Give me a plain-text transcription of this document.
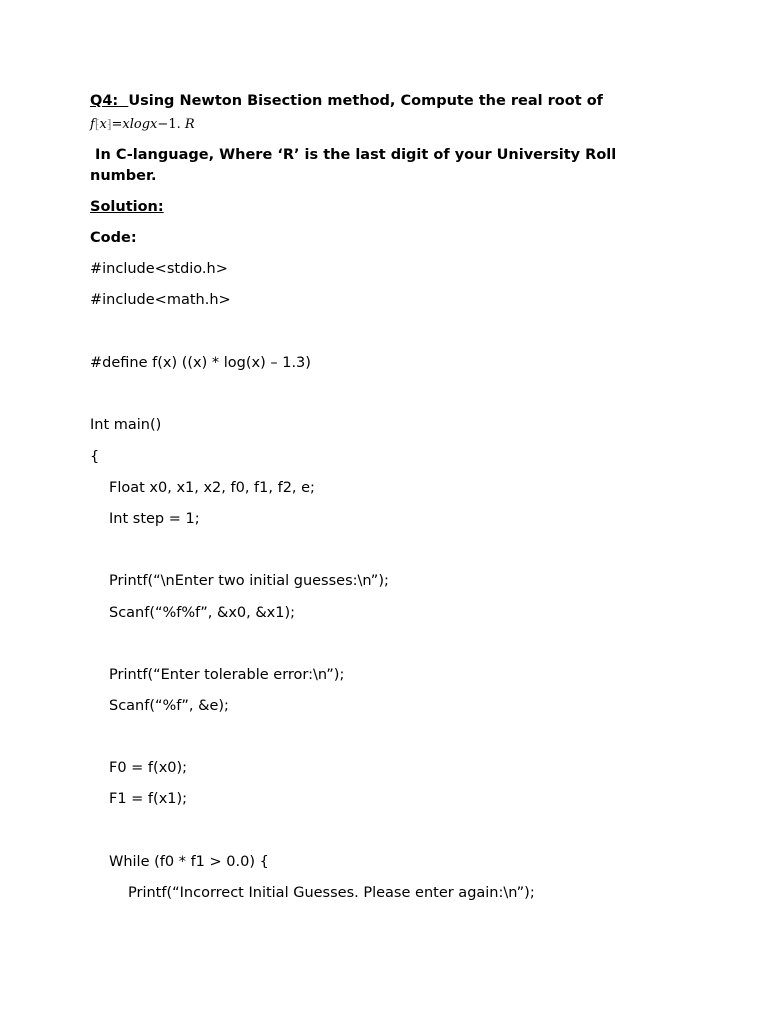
Q4: Using Newton Bisection method, Compute the real root of
f⁅x⁆=xlogx−1. R
In C-language, Where ‘R’ is the last digit of your University Roll
number.
Solution:
Code:
#include<stdio.h>
#include<math.h>
#define f(x) ((x) * log(x) – 1.3)
Int main()
{
Float x0, x1, x2, f0, f1, f2, e;
Int step = 1;
Printf(“\nEnter two initial guesses:\n”);
Scanf(“%f%f”, &x0, &x1);
Printf(“Enter tolerable error:\n”);
Scanf(“%f”, &e);
F0 = f(x0);
F1 = f(x1);
While (f0 * f1 > 0.0) {
Printf(“Incorrect Initial Guesses. Please enter again:\n”);
